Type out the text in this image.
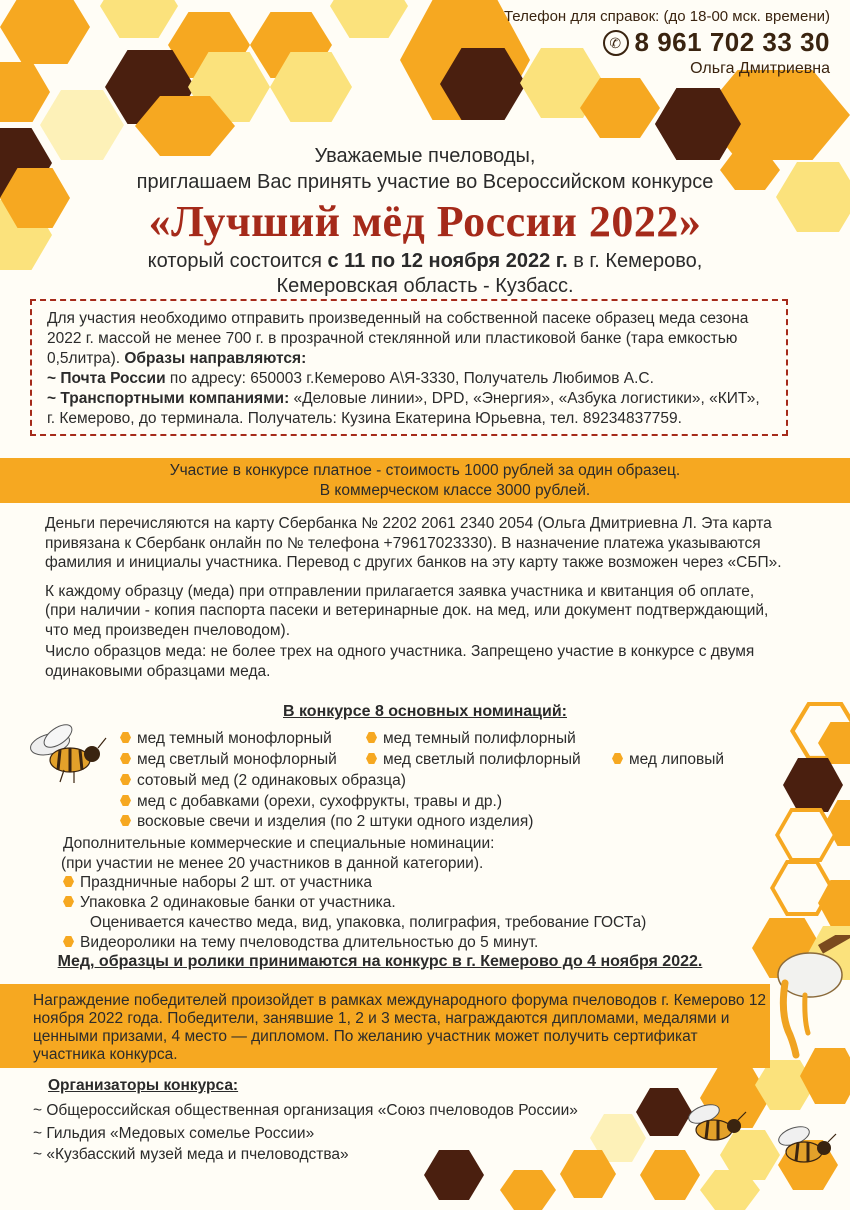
Телефон для справок: (до 18-00 мск. времени)
✆ 8 961 702 33 30
Ольга Дмитриевна
Уважаемые пчеловоды,
приглашаем Вас принять участие во Всероссийском конкурсе
«Лучший мёд России 2022»
который состоится с 11 по 12 ноября 2022 г. в г. Кемерово,
Кемеровская область - Кузбасс.

Для участия необходимо отправить произведенный на собственной пасеке образец меда сезона 2022 г. массой не менее 700 г. в прозрачной стеклянной или пластиковой банке (тара емкостью 0,5литра). Образы направляются:

~ Почта России по адресу: 650003 г.Кемерово А\Я-3330, Получатель Любимов А.С.

~ Транспортными компаниями: «Деловые линии», DPD, «Энергия», «Азбука логистики», «КИТ», г. Кемерово, до терминала. Получатель: Кузина Екатерина Юрьевна, тел. 89234837759.

Участие в конкурсе платное - стоимость 1000 рублей за один образец.
В коммерческом классе 3000 рублей.

Деньги перечисляются на карту Сбербанка № 2202 2061 2340 2054 (Ольга Дмитриевна Л. Эта карта привязана к Сбербанк онлайн по № телефона +79617023330). В назначение платежа указываются фамилия и инициалы участника. Перевод с других банков на эту карту также возможен через «СБП».

К каждому образцу (меда) при отправлении прилагается заявка участника и квитанция об оплате, (при наличии - копия паспорта пасеки и ветеринарные док. на мед, или документ подтверждающий, что мед произведен пчеловодом).

Число образцов меда: не более трех на одного участника. Запрещено участие в конкурсе с двумя одинаковыми образцами меда.

В конкурсе 8 основных номинаций:
мед темный монофлорный	мед темный полифлорный
мед светлый монофлорный	мед светлый полифлорный	мед липовый
сотовый мед (2 одинаковых образца)
мед с добавками (орехи, сухофрукты, травы и др.)
восковые свечи и изделия (по 2 штуки одного изделия)
Дополнительные коммерческие и специальные номинации:
(при участии не менее 20 участников в данной категории).
Праздничные наборы 2 шт. от участника
Упаковка 2 одинаковые банки от участника.
Оценивается качество меда, вид, упаковка, полиграфия, требование ГОСТа)
Видеоролики на тему пчеловодства длительностью до 5 минут.
Мед, образцы и ролики принимаются на конкурс в г. Кемерово до 4 ноября 2022.
Награждение победителей произойдет в рамках международного форума пчеловодов г. Кемерово 12 ноября 2022 года. Победители, занявшие 1, 2 и 3 места, награждаются дипломами, медалями и ценными призами, 4 место — дипломом. По желанию участник может получить сертификат участника конкурса.
Организаторы конкурса:
~ Общероссийская общественная организация «Союз пчеловодов России»
~ Гильдия «Медовых сомелье России»
~ «Кузбасский музей меда и пчеловодства»
